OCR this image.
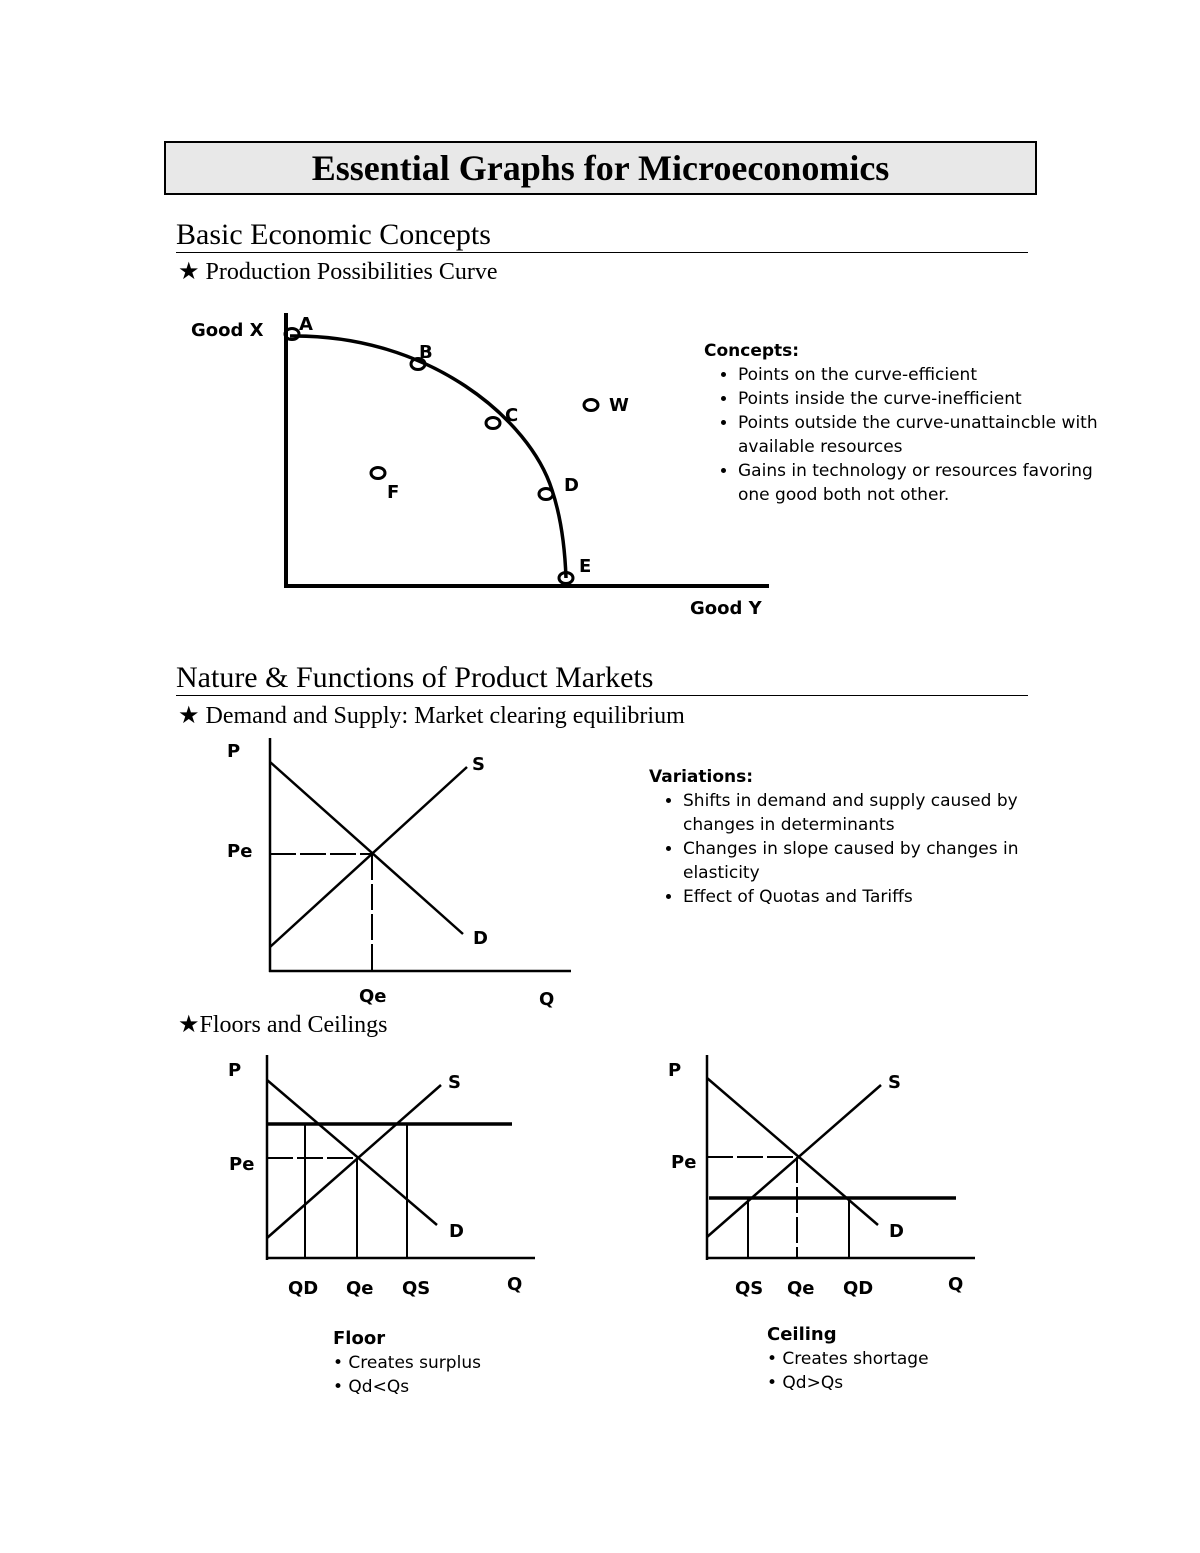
Essential Graphs for Microeconomics
Basic Economic Concepts
★ Production Possibilities Curve
Good X
Good Y
A
B
C
D
E
F
W
Concepts:
• Points on the curve-efficient
• Points inside the curve-inefficient
• Points outside the curve-unattaincble with available resources
• Gains in technology or resources favoring one good both not other.
Nature & Functions of Product Markets
★ Demand and Supply: Market clearing equilibrium
P
Pe
Qe	Q
S
D
Variations:
• Shifts in demand and supply caused by changes in determinants
• Changes in slope caused by changes in elasticity
• Effect of Quotas and Tariffs
★Floors and Ceilings
P
Pe
S
D
QD Qe QS	Q
Floor
• Creates surplus
• Qd<Qs
P
Pe
S
D
QS Qe QD	Q
Ceiling
• Creates shortage
• Qd>Qs
